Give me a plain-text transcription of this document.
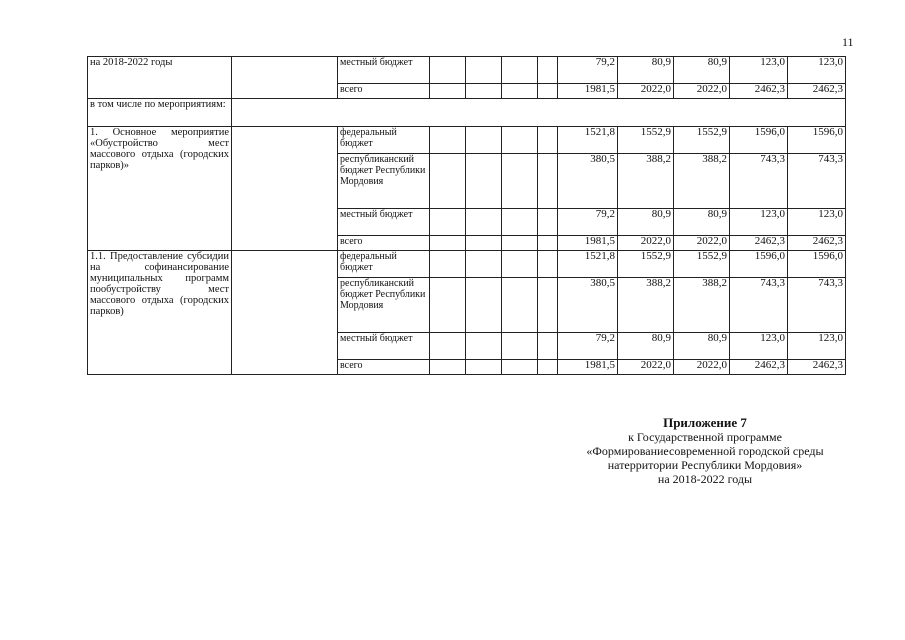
11
на 2018-2022 годы		местный бюджет					79,2	80,9	80,9	123,0	123,0
		всего					1981,5	2022,0	2022,0	2462,3	2462,3
в том числе по мероприятиям:											
1. Основное мероприятие «Обустройство мест массового отдыха (городских парков)»		федеральный бюджет					1521,8	1552,9	1552,9	1596,0	1596,0
		республиканский бюджет Республики Мордовия					380,5	388,2	388,2	743,3	743,3
		местный бюджет					79,2	80,9	80,9	123,0	123,0
		всего					1981,5	2022,0	2022,0	2462,3	2462,3
1.1. Предоставление субсидии на софинансирование муниципальных программ пообустройству мест массового отдыха (городских парков)		федеральный бюджет					1521,8	1552,9	1552,9	1596,0	1596,0
		республиканский бюджет Республики Мордовия					380,5	388,2	388,2	743,3	743,3
		местный бюджет					79,2	80,9	80,9	123,0	123,0
		всего					1981,5	2022,0	2022,0	2462,3	2462,3
Приложение 7
к Государственной программе
«Формированиесовременной городской среды
натерритории Республики Мордовия»
на 2018-2022 годы
